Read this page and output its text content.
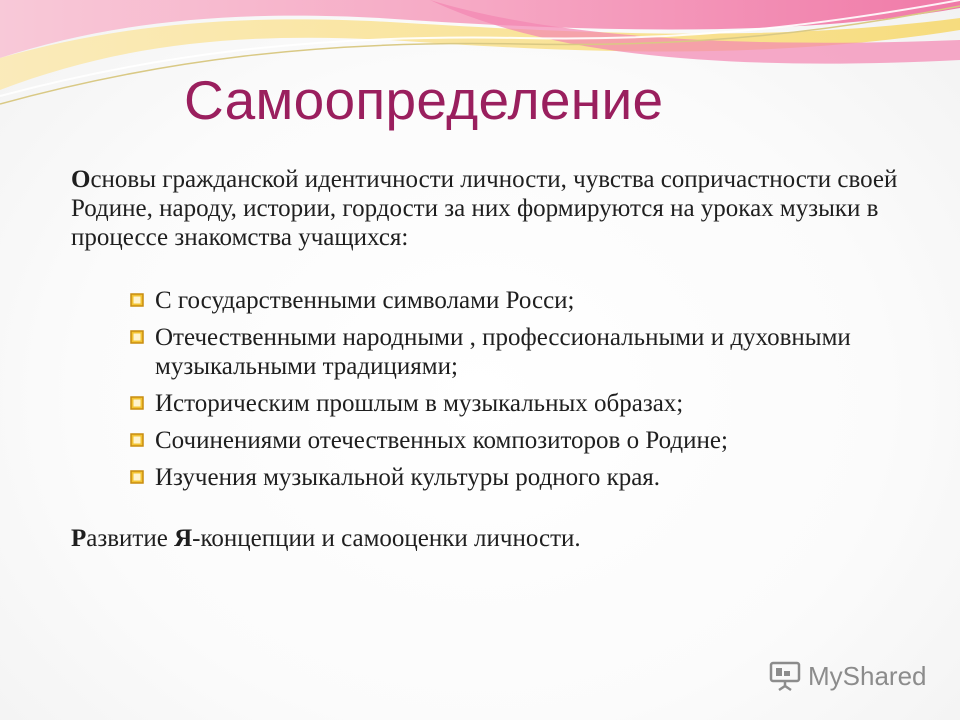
Самоопределение
Основы гражданской идентичности личности, чувства сопричастности своей Родине, народу, истории, гордости за них формируются на уроках музыки в процессе знакомства учащихся:
С государственными символами Росси;
Отечественными народными , профессиональными и духовными музыкальными традициями;
Историческим прошлым в музыкальных образах;
Сочинениями отечественных композиторов о Родине;
Изучения музыкальной культуры родного края.
Развитие Я-концепции и самооценки личности.
MyShared
